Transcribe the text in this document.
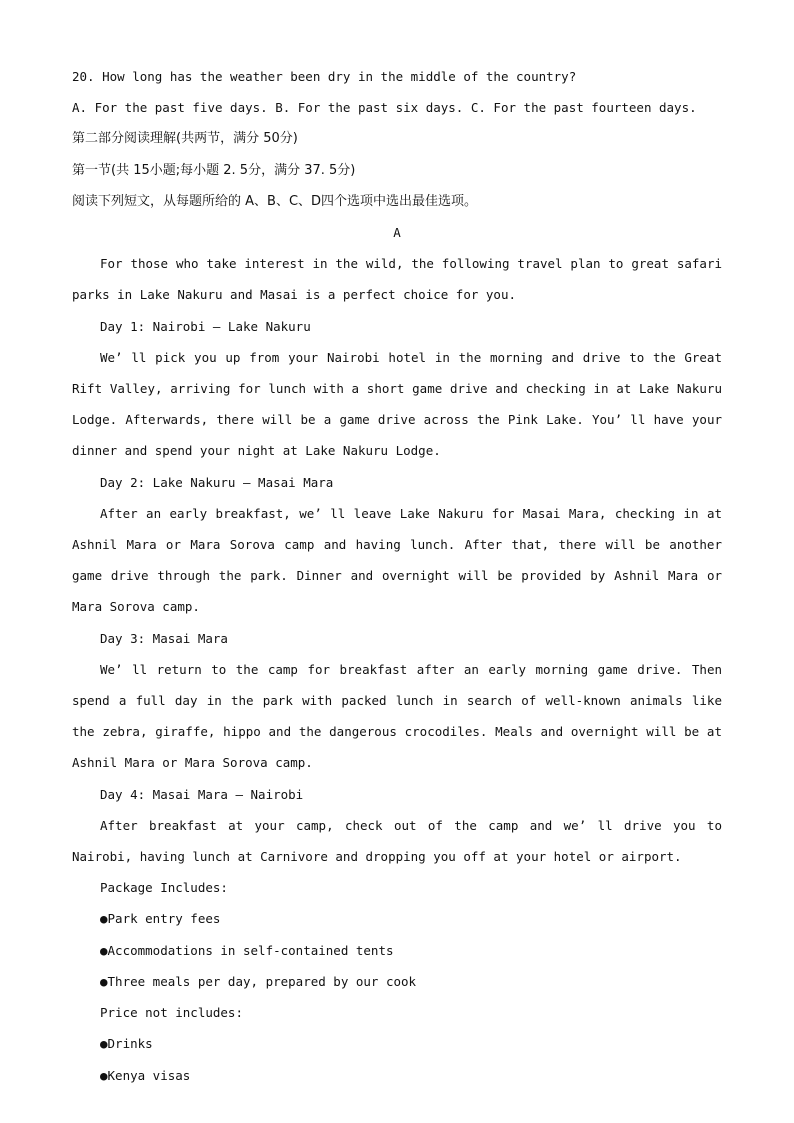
20. How long has the weather been dry in the middle of the country?
A. For the past five days. B. For the past six days. C. For the past fourteen days.
第二部分阅读理解(共两节，满分 50分)
第一节(共 15小题;每小题 2. 5分，满分 37. 5分)
阅读下列短文，从每题所给的 A、B、C、D四个选项中选出最佳选项。
A
For those who take interest in the wild, the following travel plan to great safari parks in Lake Nakuru and Masai is a perfect choice for you.
Day 1: Nairobi — Lake Nakuru
We’ ll pick you up from your Nairobi hotel in the morning and drive to the Great Rift Valley, arriving for lunch with a short game drive and checking in at Lake Nakuru Lodge. Afterwards, there will be a game drive across the Pink Lake. You’ ll have your dinner and spend your night at Lake Nakuru Lodge.
Day 2: Lake Nakuru — Masai Mara
After an early breakfast, we’ ll leave Lake Nakuru for Masai Mara, checking in at Ashnil Mara or Mara Sorova camp and having lunch. After that, there will be another game drive through the park. Dinner and overnight will be provided by Ashnil Mara or Mara Sorova camp.
Day 3: Masai Mara
We’ ll return to the camp for breakfast after an early morning game drive. Then spend a full day in the park with packed lunch in search of well-known animals like the zebra, giraffe, hippo and the dangerous crocodiles. Meals and overnight will be at Ashnil Mara or Mara Sorova camp.
Day 4: Masai Mara — Nairobi
After breakfast at your camp, check out of the camp and we’ ll drive you to Nairobi, having lunch at Carnivore and dropping you off at your hotel or airport.
Package Includes:
●Park entry fees
●Accommodations in self-contained tents
●Three meals per day, prepared by our cook
Price not includes:
●Drinks
●Kenya visas
